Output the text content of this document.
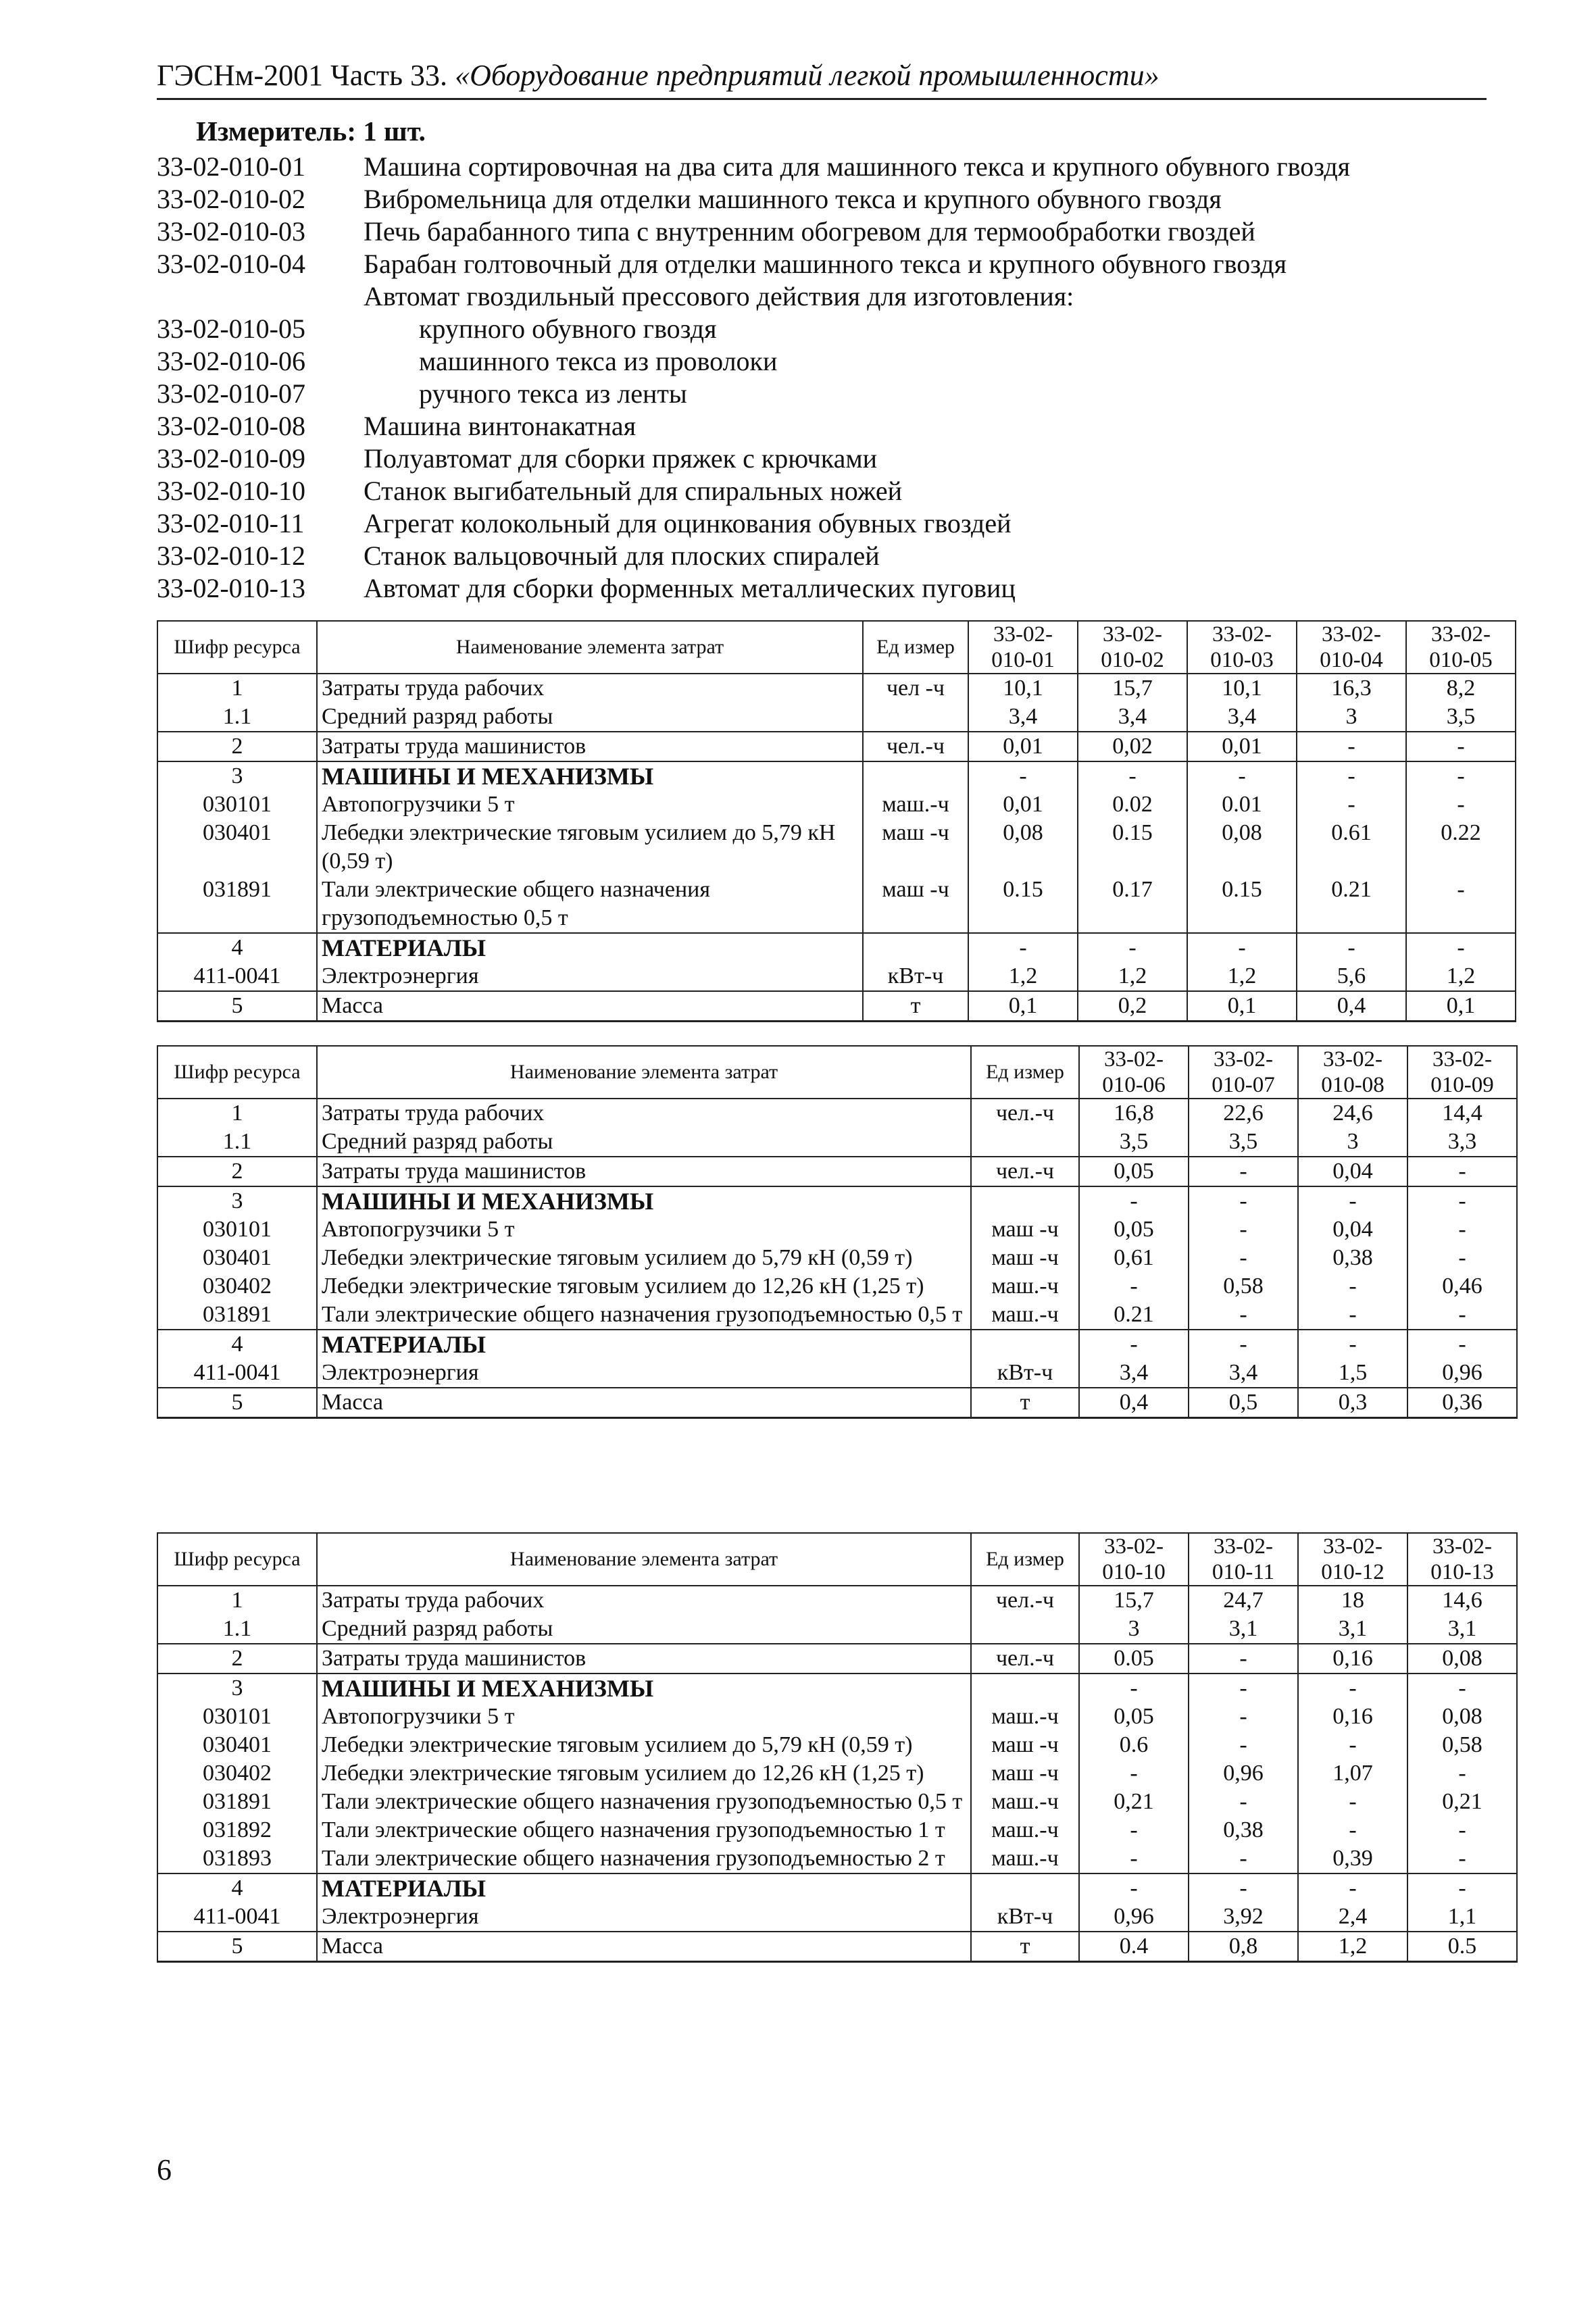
ГЭСНм-2001 Часть 33. «Оборудование предприятий легкой промышленности»
Измеритель: 1 шт.
33-02-010-01	Машина сортировочная на два сита для машинного текса и крупного обувного гвоздя
33-02-010-02	Вибромельница для отделки машинного текса и крупного обувного гвоздя
33-02-010-03	Печь барабанного типа с внутренним обогревом для термообработки гвоздей
33-02-010-04	Барабан голтовочный для отделки машинного текса и крупного обувного гвоздя
Автомат гвоздильный прессового действия для изготовления:
33-02-010-05	крупного обувного гвоздя
33-02-010-06	машинного текса из проволоки
33-02-010-07	ручного текса из ленты
33-02-010-08	Машина винтонакатная
33-02-010-09	Полуавтомат для сборки пряжек с крючками
33-02-010-10	Станок выгибательный для спиральных ножей
33-02-010-11	Агрегат колокольный для оцинкования обувных гвоздей
33-02-010-12	Станок вальцовочный для плоских спиралей
33-02-010-13	Автомат для сборки форменных металлических пуговиц
Шифр ресурса	Наименование элемента затрат	Ед измер	33-02-010-01	33-02-010-02	33-02-010-03	33-02-010-04	33-02-010-05
1	Затраты труда рабочих	чел -ч	10,1	15,7	10,1	16,3	8,2
1.1	Средний разряд работы		3,4	3,4	3,4	3	3,5
2	Затраты труда машинистов	чел.-ч	0,01	0,02	0,01	-	-
3	МАШИНЫ И МЕХАНИЗМЫ		-	-	-	-	-
030101	Автопогрузчики 5 т	маш.-ч	0,01	0.02	0.01	-	-
030401	Лебедки электрические тяговым усилием до 5,79 кН (0,59 т)	маш -ч	0,08	0.15	0,08	0.61	0.22
031891	Тали электрические общего назначения грузоподъемностью 0,5 т	маш -ч	0.15	0.17	0.15	0.21	-
4	МАТЕРИАЛЫ		-	-	-	-	-
411-0041	Электроэнергия	кВт-ч	1,2	1,2	1,2	5,6	1,2
5	Масса	т	0,1	0,2	0,1	0,4	0,1
Шифр ресурса	Наименование элемента затрат	Ед измер	33-02-010-06	33-02-010-07	33-02-010-08	33-02-010-09
1	Затраты труда рабочих	чел.-ч	16,8	22,6	24,6	14,4
1.1	Средний разряд работы		3,5	3,5	3	3,3
2	Затраты труда машинистов	чел.-ч	0,05	-	0,04	-
3	МАШИНЫ И МЕХАНИЗМЫ		-	-	-	-
030101	Автопогрузчики 5 т	маш -ч	0,05	-	0,04	-
030401	Лебедки электрические тяговым усилием до 5,79 кН (0,59 т)	маш -ч	0,61	-	0,38	-
030402	Лебедки электрические тяговым усилием до 12,26 кН (1,25 т)	маш.-ч	-	0,58	-	0,46
031891	Тали электрические общего назначения грузоподъемностью 0,5 т	маш.-ч	0.21	-	-	-
4	МАТЕРИАЛЫ		-	-	-	-
411-0041	Электроэнергия	кВт-ч	3,4	3,4	1,5	0,96
5	Масса	т	0,4	0,5	0,3	0,36
Шифр ресурса	Наименование элемента затрат	Ед измер	33-02-010-10	33-02-010-11	33-02-010-12	33-02-010-13
1	Затраты труда рабочих	чел.-ч	15,7	24,7	18	14,6
1.1	Средний разряд работы		3	3,1	3,1	3,1
2	Затраты труда машинистов	чел.-ч	0.05	-	0,16	0,08
3	МАШИНЫ И МЕХАНИЗМЫ		-	-	-	-
030101	Автопогрузчики 5 т	маш.-ч	0,05	-	0,16	0,08
030401	Лебедки электрические тяговым усилием до 5,79 кН (0,59 т)	маш -ч	0.6	-	-	0,58
030402	Лебедки электрические тяговым усилием до 12,26 кН (1,25 т)	маш -ч	-	0,96	1,07	-
031891	Тали электрические общего назначения грузоподъемностью 0,5 т	маш.-ч	0,21	-	-	0,21
031892	Тали электрические общего назначения грузоподъемностью 1 т	маш.-ч	-	0,38	-	-
031893	Тали электрические общего назначения грузоподъемностью 2 т	маш.-ч	-	-	0,39	-
4	МАТЕРИАЛЫ		-	-	-	-
411-0041	Электроэнергия	кВт-ч	0,96	3,92	2,4	1,1
5	Масса	т	0.4	0,8	1,2	0.5
6
